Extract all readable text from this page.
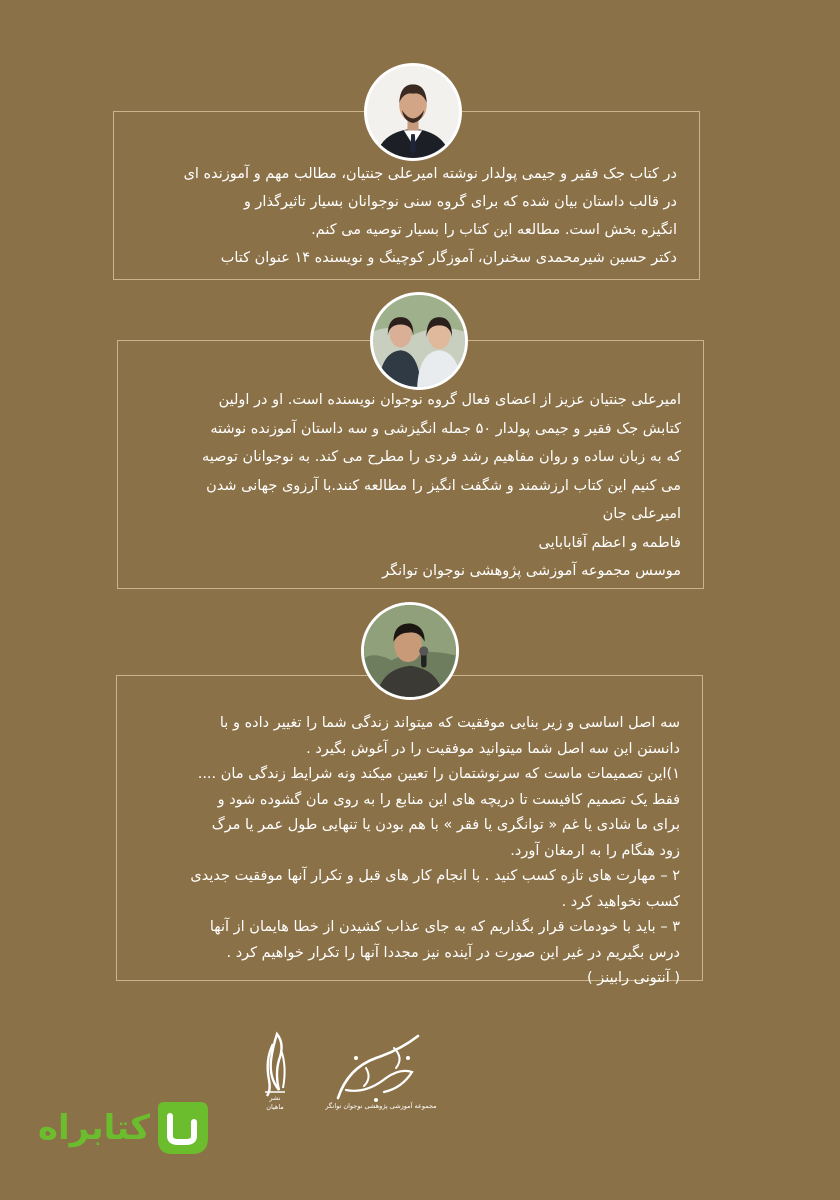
در کتاب جک فقیر و جیمی پولدار نوشته امیرعلی جنتیان، مطالب مهم و آموزنده ای

در قالب داستان بیان شده که برای گروه سنی نوجوانان بسیار تاثیرگذار و

انگیزه بخش است. مطالعه این کتاب را بسیار توصیه می کنم.

دکتر حسین شیرمحمدی سخنران، آموزگار کوچینگ و نویسنده ۱۴ عنوان کتاب

امیرعلی جنتیان عزیز از اعضای فعال گروه نوجوان نویسنده است. او در اولین

کتابش جک فقیر و جیمی پولدار ۵۰ جمله انگیزشی و سه داستان آموزنده نوشته

که به زبان ساده و روان مفاهیم رشد فردی را مطرح می کند. به نوجوانان توصیه

می کنیم این کتاب ارزشمند و شگفت انگیز را مطالعه کنند.با آرزوی جهانی شدن

امیرعلی جان

فاطمه و اعظم آقابابایی

موسس مجموعه آموزشی پژوهشی نوجوان توانگر

سه اصل اساسی و زیر بنایی موفقیت که میتواند زندگی شما را تغییر داده و با

دانستن این سه اصل شما میتوانید موفقیت را در آغوش بگیرد .

۱)این تصمیمات ماست که سرنوشتمان را تعیین میکند ونه شرایط زندگی مان ....

فقط یک تصمیم کافیست تا دریچه های این منابع را به روی مان گشوده شود و

برای ما شادی یا غم « توانگری یا فقر » با هم بودن یا تنهایی طول عمر یا مرگ

زود هنگام را به ارمغان آورد.

۲ – مهارت های تازه کسب کنید . با انجام کار های قبل و تکرار آنها موفقیت جدیدی

کسب نخواهید کرد .

۳ – باید با خودمات قرار بگذاریم که به جای عذاب کشیدن از خطا هایمان از آنها

درس بگیریم در غیر این صورت در آینده نیز مجددا آنها را تکرار خواهیم کرد .

( آنتونی رابینز )

نشر
ماهیان	مجموعه آموزشی پژوهشی نوجوان توانگر
کتابراه
